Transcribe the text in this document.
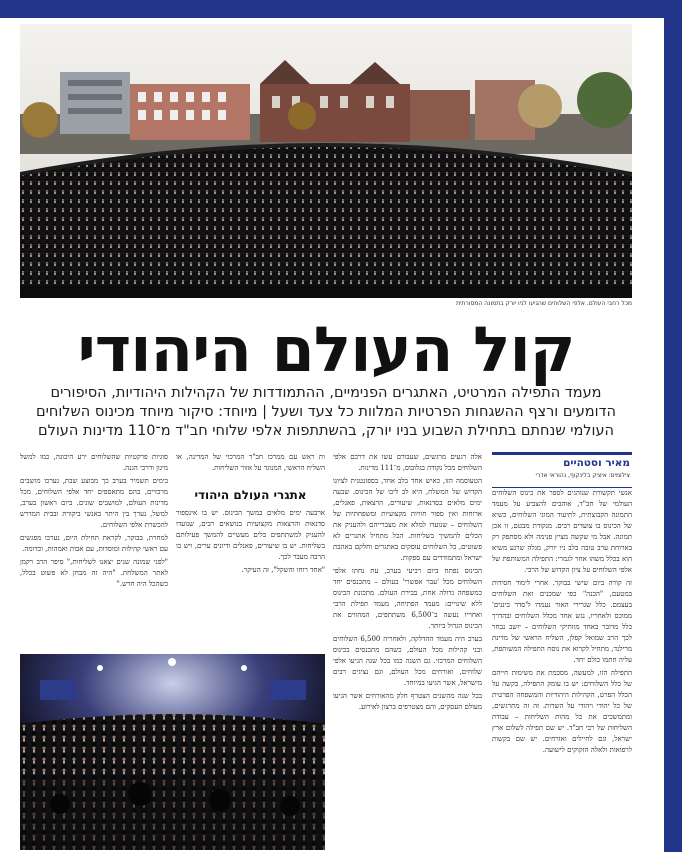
מכל רחבי העולם. אלפי השלוחים שהגיעו לניו יורק בתמונה המסורתית
קול העולם היהודי
מעמד התפילה המרטיט, האתגרים הפנימיים, ההתמודדות של הקהילות היהודיות, הסיפורים הדומעים ורצף ההשגחות הפרטיות המלוות כל צעד ושעל | מיוחד: סיקור מיוחד מכינוס השלוחים העולמי שנחתם בתחילת השבוע בניו יורק, בהשתתפות אלפי שלוחי חב"ד מ־110 מדינות העולם
מאיר וסטהיים
צילומים: איציק בלינקוף, נהוראי אדרי

אנשי תקשורת שנוהגים לספר את כינוס השלוחים העולמי של חב"ד, אוהבים להצביע על מעמד התמונה הקבוצתית, לתיעוד המוני השלוחים, כשיא של הכינוס בו צועדים רבים. מנקודת מבטם, זו אכן תמונה. אבל מי שקשה מציץ פנימה ולא מסתפק רק בארוחת ערב טובה בלב ניו יורק, מגלה שרגע משיא הוא בכלל משהו אחר לגמרי: התפילה המשותפת של אלפי השלוחים על ציון הקדוש של הרבי.

זה קורה ביום שישי בבוקר. אחרי לימוד חסידות במטעם, "הכנה" כפי שמכנים זאת השלוחים בעצמם. כלל שגרירי האור נעמדו ל'סדר ביננים' ממוכס ולאחריו, נגש אחד מכלל השלוחים ובהדרך כלל מדובר באחד מוותיקי השלוחים – יושב נבחר לכך הרב שמואל קפלן, השליח הראשי של מדינת מרילנד, מתחיל לקרוא את נוסח התפילה המשותפת, עליה חתמו כולם יחד.

התפילה הזו, למעשה, מסכמת את משימות חייהם של כלל השלוחים: יש בו עומק התפילה, בקשה על הכלל הפרט, הקהילות היהודיות והמשפחה הפרטית של כל יהודי ויהודי על השדות. זה זה מתרגשים, ומתמשכים את כל מהות השליחות – עבודת השליחות של רבי חב"ד. יש שם תפילה לשלום ארץ ישראל, וגם לחיילים ואזרחים. יש שם בקשות לרפואות ולאלה הזקוקים לישועה.

אלה רגעים מרגשים, שעבורם עשו את דרכם אלפי השלוחים מכל נקודה בגלובוס, מ־111 מדינות.

הטעוסמה הזו, כאיש אחד בלב אחד, בספונטנית לציונו הקדוש של המשלח, היא לב ליבו של הכינוס. שבעה ימים מלאים בסדנאות, שיעורים, הרצאות, פאנלים, ארוחות ואין ספור חוויות מקצועיות ומשפחתיות של השלוחים – שנועדו למלא את מצברייהם ולהעניק את הכלים להמשיך בשליחות. הכל מתחיל אתגרים לא פשוטים, כל השלוחים עוסקים באתגרים וחלקם באהבת ישראל ומתמודדים עם ספקות.

הכינוס נפתח ביום רביעי בערב, עת נחתו אלפי השלוחים מכל 'עבר אפשרי' בעולם – מתכנסים יחד כמשפחה גדולה אחת, בבירת העולם. מתכונת הכינוס ללא שינויים: מעמד הפתיחה, מעמד תפילת הרבי ואחריו נעשה ב־6,500 משתתפים, המהווים את הכינוס הגדול ביותר.

בערב היה מעמד ההדלקה, ולאחריה 6,500 השלוחים ובני קהילות מכל העולם, כשהם מתכנסים בכינוס השלוחים המרכזי. גם השנה כמו בכל שנה הגיעו אלפי שלוחים, ואורחים מכל העולם, וגם נציגים רבים מישראל, אשר הגיעו במיוחד.

בכל שנה מהשנים הצטרף חלק מהאורחים אשר הגיעו מעולם העסקים, והם מצטרפים ברצון לאירוע.

ות ראש עם ממרכז חב"ד המרכזי של המדינה, או השליח הראשי, המנוגד על אזור השליחות.

אתגרי העולם היהודי

ארבעה ימים מלאים במשך הכינוס. יש בו אינספור סדנאות והרצאות מקצועיות בנושאים רבים, שנועדו להעניק למשתתפים כלים מעשיים להמשך פעילותם בשליחות. יש בו שיעורים, פאנלים ודיונים ערים, ויש בו הרבה מעבר לכך.

"אחד רוחו והשקל", זה העיקר.

סוגיות פרקטיות שהשלוחים ירע היכונה, כמו למשל מיגון ודרכי הגנה.

בימים תשמיר בערב כך מבוצע שבת, נערכו מושבים מרכזיים, בהם מתאספים יחד אלפי השלוחים, מכל מדינות העולם, למושבים שונים. ביום ראשון בערב, למשל, נערך בין היתר באנשי ביקורת ובבית המדרש להכשרת אלפי השלוחים.

למחרת, בבוקר, לקראת תחילת היום, נערכו מפגשים עם ראשי קהילות ומוסדות, עם אבות ואמהות, וכדומה.

"לפני שמונה שנים יצאנו לשליחות," סיפר הרב רקמן לאתר המשלחת. "היה זה מבחן לא פשוט בכלל, כשהכל היה חדש."
